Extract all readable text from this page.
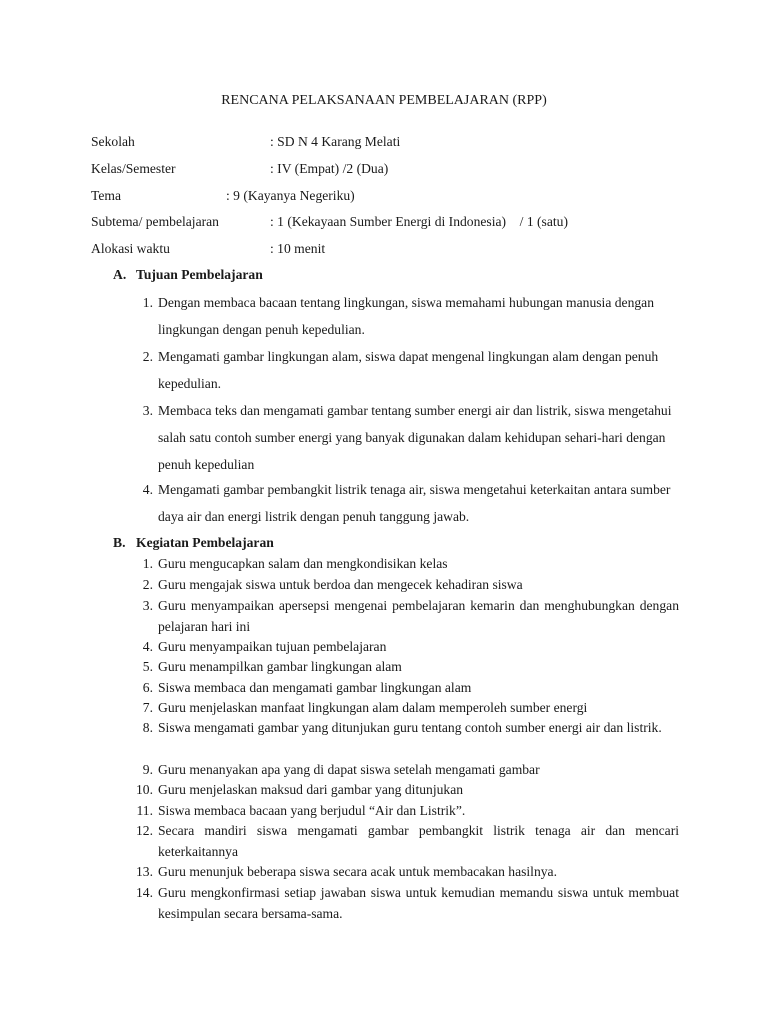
RENCANA PELAKSANAAN PEMBELAJARAN (RPP)
Sekolah	: SD N 4 Karang Melati
Kelas/Semester	: IV (Empat) /2 (Dua)
Tema	: 9 (Kayanya Negeriku)
Subtema/ pembelajaran	: 1 (Kekayaan Sumber Energi di Indonesia)    / 1 (satu)
Alokasi waktu	: 10 menit
A. Tujuan Pembelajaran
1. Dengan membaca bacaan tentang lingkungan, siswa memahami hubungan manusia dengan lingkungan dengan penuh kepedulian.
2. Mengamati gambar lingkungan alam, siswa dapat mengenal lingkungan alam dengan penuh kepedulian.
3. Membaca teks dan mengamati gambar tentang sumber energi air dan listrik, siswa mengetahui salah satu contoh sumber energi yang banyak digunakan dalam kehidupan sehari-hari dengan penuh kepedulian
4. Mengamati gambar pembangkit listrik tenaga air, siswa mengetahui keterkaitan antara sumber daya air dan energi listrik dengan penuh tanggung jawab.
B. Kegiatan Pembelajaran
1. Guru mengucapkan salam dan mengkondisikan kelas
2. Guru mengajak siswa untuk berdoa dan mengecek kehadiran siswa
3. Guru menyampaikan apersepsi mengenai pembelajaran kemarin dan menghubungkan dengan pelajaran hari ini
4. Guru menyampaikan tujuan pembelajaran
5. Guru menampilkan gambar lingkungan alam
6. Siswa membaca dan mengamati gambar lingkungan alam
7. Guru menjelaskan manfaat lingkungan alam dalam memperoleh sumber energi
8. Siswa mengamati gambar yang ditunjukan guru tentang contoh sumber energi air dan listrik.
9. Guru menanyakan apa yang di dapat siswa setelah mengamati gambar
10. Guru menjelaskan maksud dari gambar yang ditunjukan
11. Siswa membaca bacaan yang berjudul “Air dan Listrik”.
12. Secara mandiri siswa mengamati gambar pembangkit listrik tenaga air dan mencari keterkaitannya
13. Guru menunjuk beberapa siswa secara acak untuk membacakan hasilnya.
14. Guru mengkonfirmasi setiap jawaban siswa untuk kemudian memandu siswa untuk membuat kesimpulan secara bersama-sama.
